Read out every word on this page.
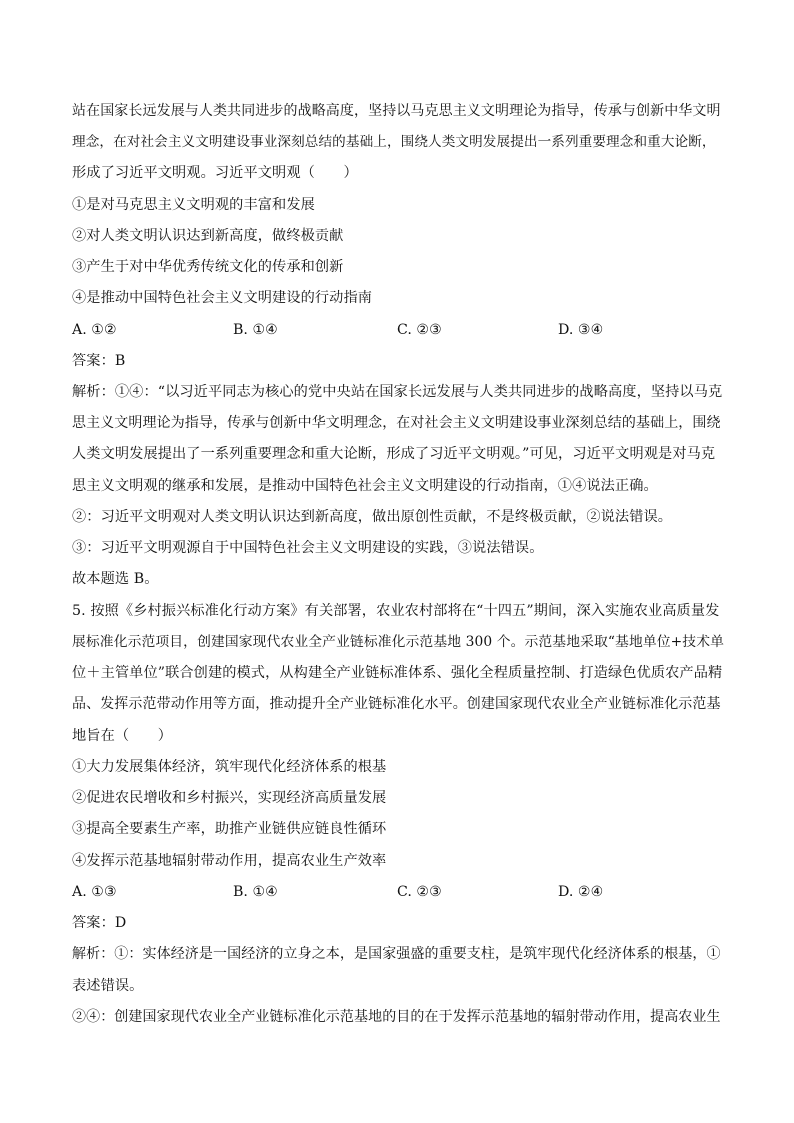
站在国家长远发展与人类共同进步的战略高度，坚持以马克思主义文明理论为指导，传承与创新中华文明
理念，在对社会主义文明建设事业深刻总结的基础上，围绕人类文明发展提出一系列重要理念和重大论断，
形成了习近平文明观。习近平文明观（　　）
①是对马克思主义文明观的丰富和发展
②对人类文明认识达到新高度，做终极贡献
③产生于对中华优秀传统文化的传承和创新
④是推动中国特色社会主义文明建设的行动指南
A. ①②	B. ①④	C. ②③	D. ③④
答案：B
解析：①④：“以习近平同志为核心的党中央站在国家长远发展与人类共同进步的战略高度，坚持以马克
思主义文明理论为指导，传承与创新中华文明理念，在对社会主义文明建设事业深刻总结的基础上，围绕
人类文明发展提出了一系列重要理念和重大论断，形成了习近平文明观。”可见，习近平文明观是对马克
思主义文明观的继承和发展，是推动中国特色社会主义文明建设的行动指南，①④说法正确。
②：习近平文明观对人类文明认识达到新高度，做出原创性贡献，不是终极贡献，②说法错误。
③：习近平文明观源自于中国特色社会主义文明建设的实践，③说法错误。
故本题选 B。
5. 按照《乡村振兴标准化行动方案》有关部署，农业农村部将在“十四五”期间，深入实施农业高质量发
展标准化示范项目，创建国家现代农业全产业链标准化示范基地 300 个。示范基地采取“基地单位+技术单
位＋主管单位”联合创建的模式，从构建全产业链标准体系、强化全程质量控制、打造绿色优质农产品精
品、发挥示范带动作用等方面，推动提升全产业链标准化水平。创建国家现代农业全产业链标准化示范基
地旨在（　　）
①大力发展集体经济，筑牢现代化经济体系的根基
②促进农民增收和乡村振兴，实现经济高质量发展
③提高全要素生产率，助推产业链供应链良性循环
④发挥示范基地辐射带动作用，提高农业生产效率
A. ①③	B. ①④	C. ②③	D. ②④
答案：D
解析：①：实体经济是一国经济的立身之本，是国家强盛的重要支柱，是筑牢现代化经济体系的根基，①
表述错误。
②④：创建国家现代农业全产业链标准化示范基地的目的在于发挥示范基地的辐射带动作用，提高农业生
